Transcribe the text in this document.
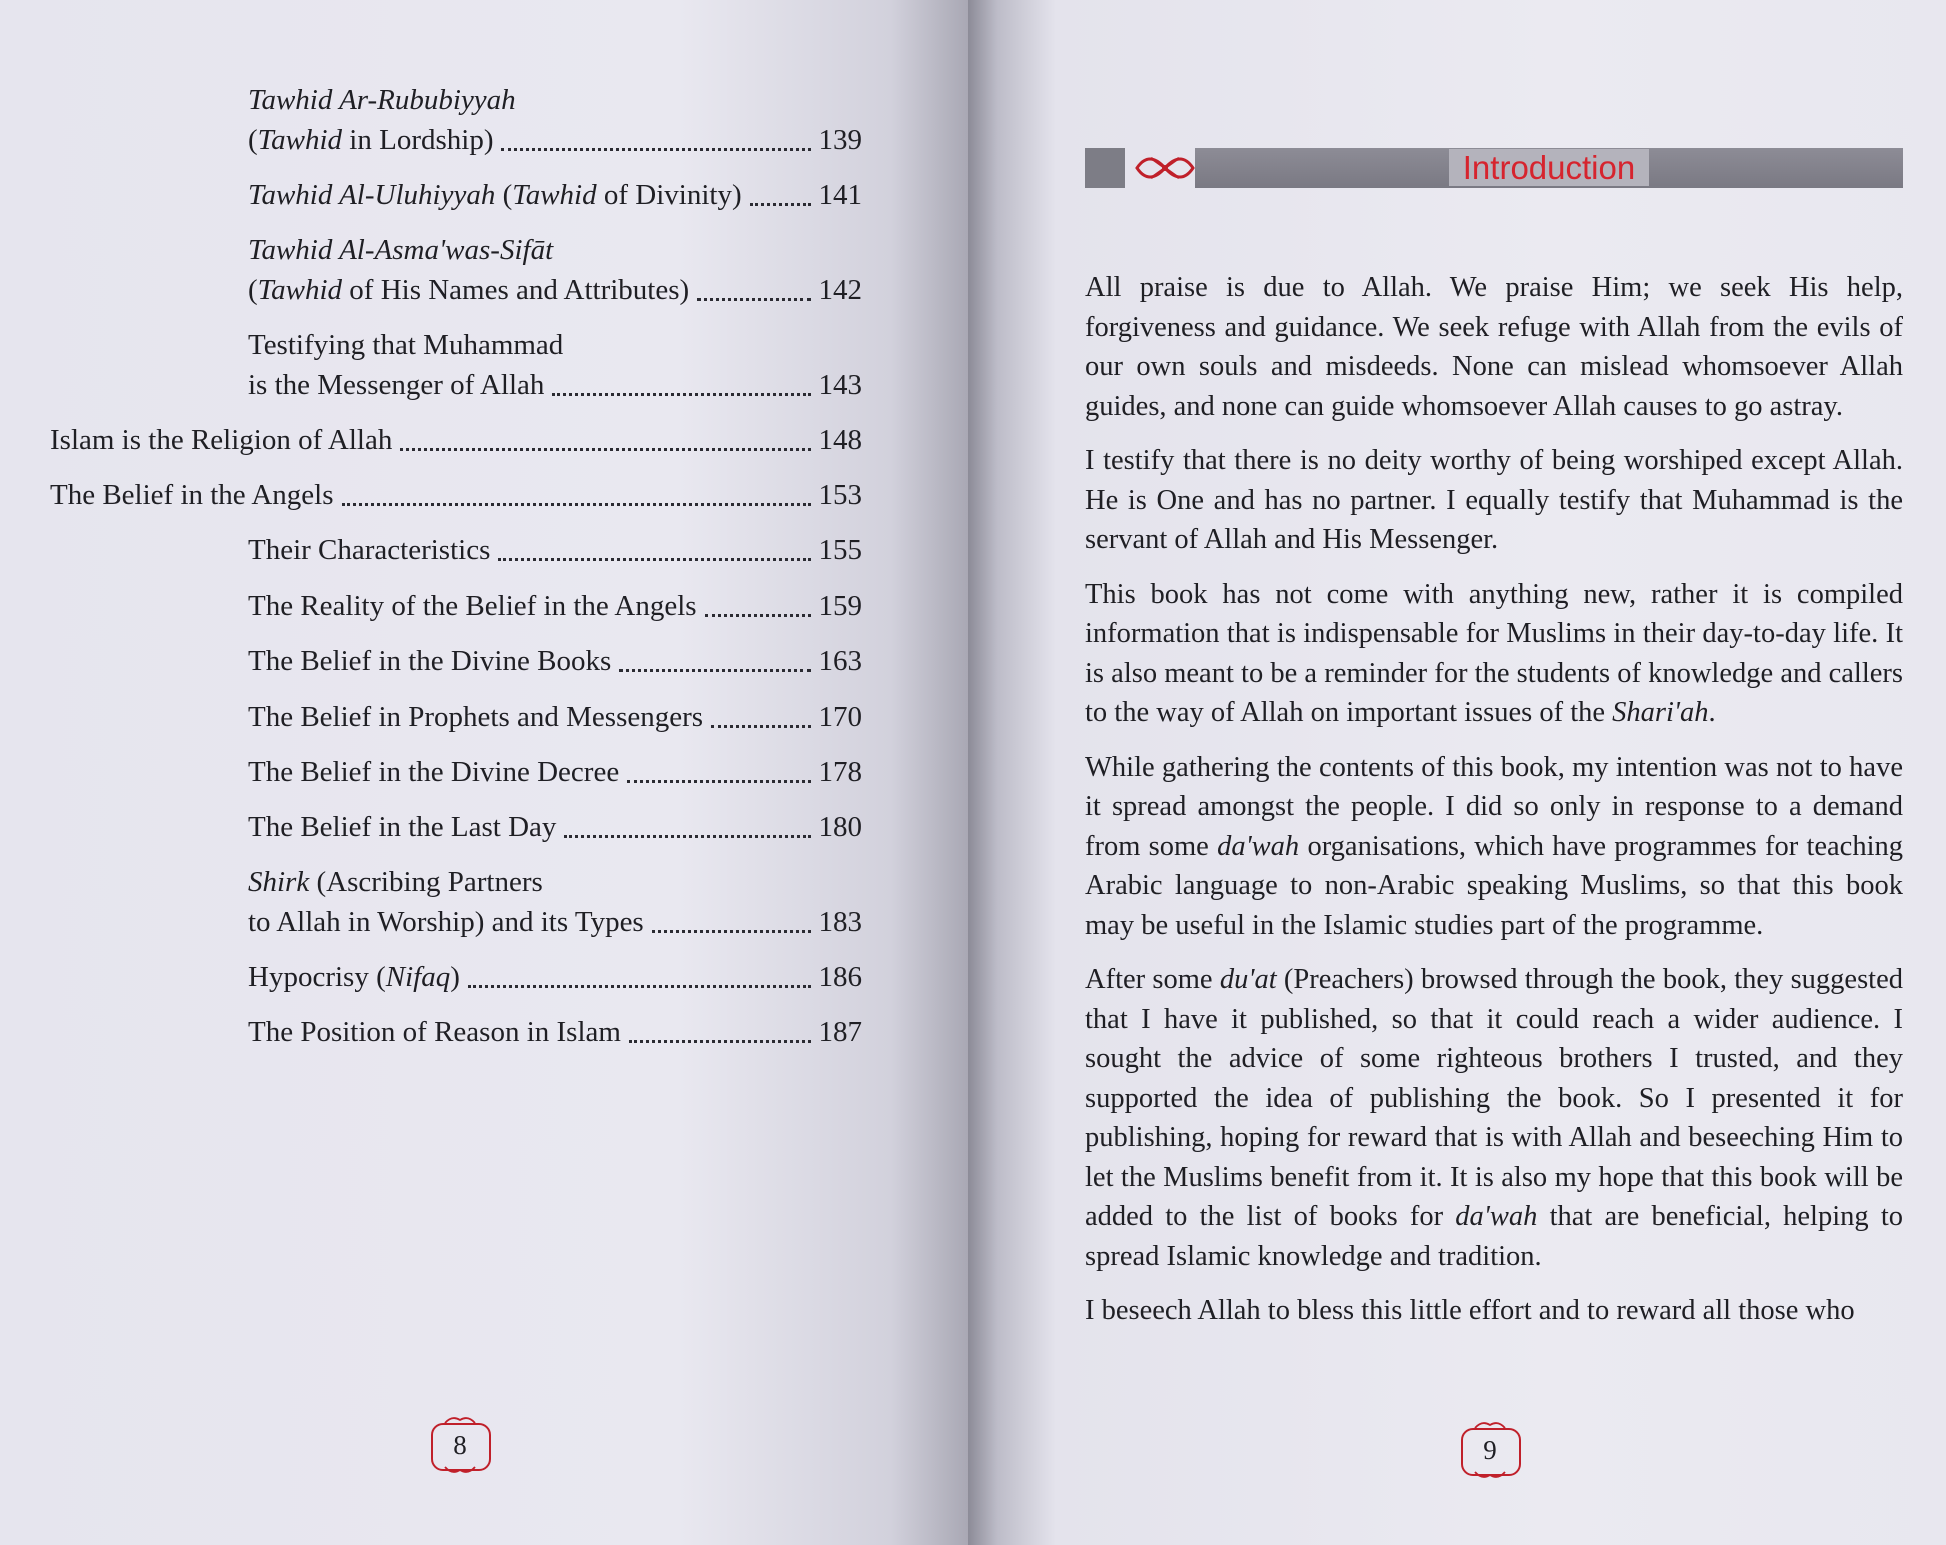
Tawhid Ar-Rububiyyah
(Tawhid in Lordship)	139
Tawhid Al-Uluhiyyah (Tawhid of Divinity)	141
Tawhid Al-Asma'was-Sifāt
(Tawhid of His Names and Attributes)	142
Testifying that Muhammad
is the Messenger of Allah	143
Islam is the Religion of Allah	148
The Belief in the Angels	153
Their Characteristics	155
The Reality of the Belief in the Angels	159
The Belief in the Divine Books	163
The Belief in Prophets and Messengers	170
The Belief in the Divine Decree	178
The Belief in the Last Day	180
Shirk (Ascribing Partners
to Allah in Worship) and its Types	183
Hypocrisy (Nifaq)	186
The Position of Reason in Islam	187
8
Introduction

All praise is due to Allah. We praise Him; we seek His help, forgiveness and guidance. We seek refuge with Allah from the evils of our own souls and misdeeds. None can mislead whomsoever Allah guides, and none can guide whomsoever Allah causes to go astray.

I testify that there is no deity worthy of being worshiped except Allah. He is One and has no partner. I equally testify that Muhammad is the servant of Allah and His Messenger.

This book has not come with anything new, rather it is compiled information that is indispensable for Muslims in their day-to-day life. It is also meant to be a reminder for the students of knowledge and callers to the way of Allah on important issues of the Shari'ah.

While gathering the contents of this book, my intention was not to have it spread amongst the people. I did so only in response to a demand from some da'wah organisations, which have programmes for teaching Arabic language to non-Arabic speaking Muslims, so that this book may be useful in the Islamic studies part of the programme.

After some du'at (Preachers) browsed through the book, they suggested that I have it published, so that it could reach a wider audience. I sought the advice of some righteous brothers I trusted, and they supported the idea of publishing the book. So I presented it for publishing, hoping for reward that is with Allah and beseeching Him to let the Muslims benefit from it. It is also my hope that this book will be added to the list of books for da'wah that are beneficial, helping to spread Islamic knowledge and tradition.

I beseech Allah to bless this little effort and to reward all those who

9
